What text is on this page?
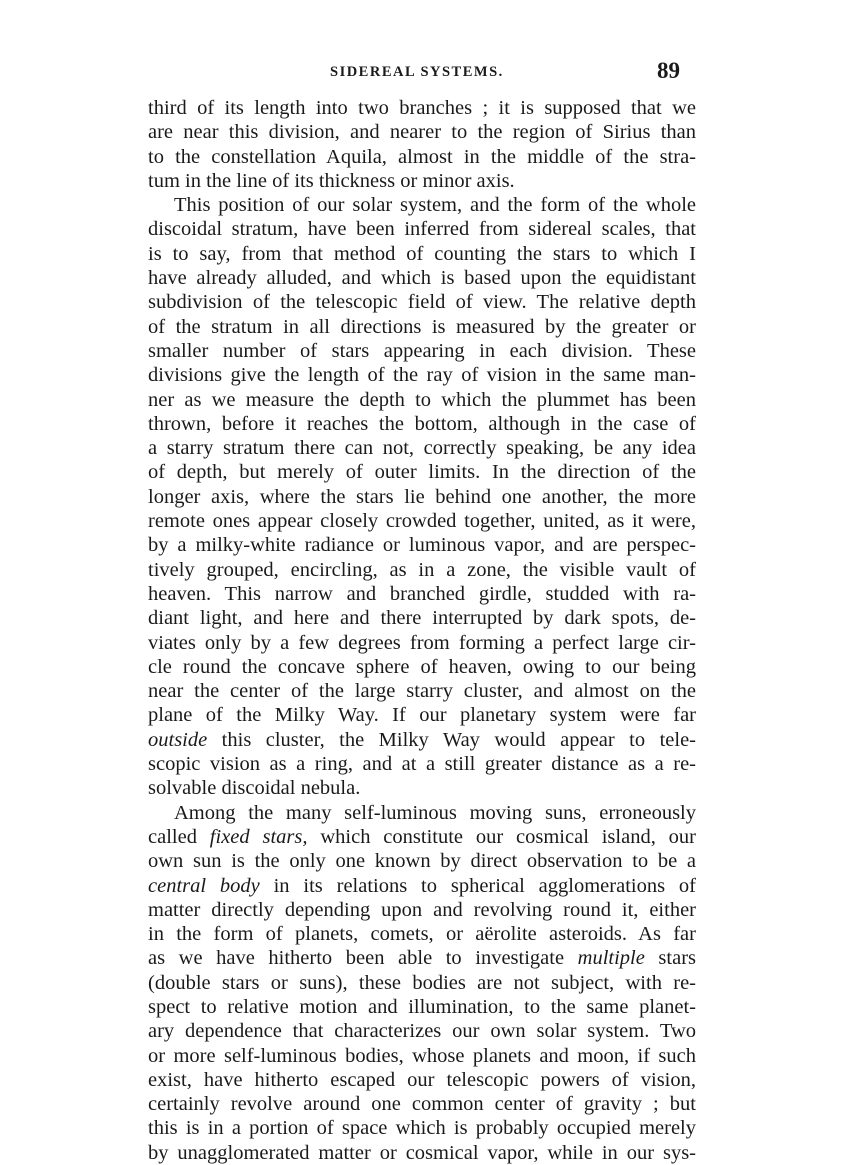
SIDEREAL SYSTEMS.	89
third of its length into two branches ; it is supposed that we
are near this division, and nearer to the region of Sirius than
to the constellation Aquila, almost in the middle of the stra-
tum in the line of its thickness or minor axis.
This position of our solar system, and the form of the whole
discoidal stratum, have been inferred from sidereal scales, that
is to say, from that method of counting the stars to which I
have already alluded, and which is based upon the equidistant
subdivision of the telescopic field of view. The relative depth
of the stratum in all directions is measured by the greater or
smaller number of stars appearing in each division. These
divisions give the length of the ray of vision in the same man-
ner as we measure the depth to which the plummet has been
thrown, before it reaches the bottom, although in the case of
a starry stratum there can not, correctly speaking, be any idea
of depth, but merely of outer limits. In the direction of the
longer axis, where the stars lie behind one another, the more
remote ones appear closely crowded together, united, as it were,
by a milky-white radiance or luminous vapor, and are perspec-
tively grouped, encircling, as in a zone, the visible vault of
heaven. This narrow and branched girdle, studded with ra-
diant light, and here and there interrupted by dark spots, de-
viates only by a few degrees from forming a perfect large cir-
cle round the concave sphere of heaven, owing to our being
near the center of the large starry cluster, and almost on the
plane of the Milky Way. If our planetary system were far
outside this cluster, the Milky Way would appear to tele-
scopic vision as a ring, and at a still greater distance as a re-
solvable discoidal nebula.
Among the many self-luminous moving suns, erroneously
called fixed stars, which constitute our cosmical island, our
own sun is the only one known by direct observation to be a
central body in its relations to spherical agglomerations of
matter directly depending upon and revolving round it, either
in the form of planets, comets, or aërolite asteroids. As far
as we have hitherto been able to investigate multiple stars
(double stars or suns), these bodies are not subject, with re-
spect to relative motion and illumination, to the same planet-
ary dependence that characterizes our own solar system. Two
or more self-luminous bodies, whose planets and moon, if such
exist, have hitherto escaped our telescopic powers of vision,
certainly revolve around one common center of gravity ; but
this is in a portion of space which is probably occupied merely
by unagglomerated matter or cosmical vapor, while in our sys-
